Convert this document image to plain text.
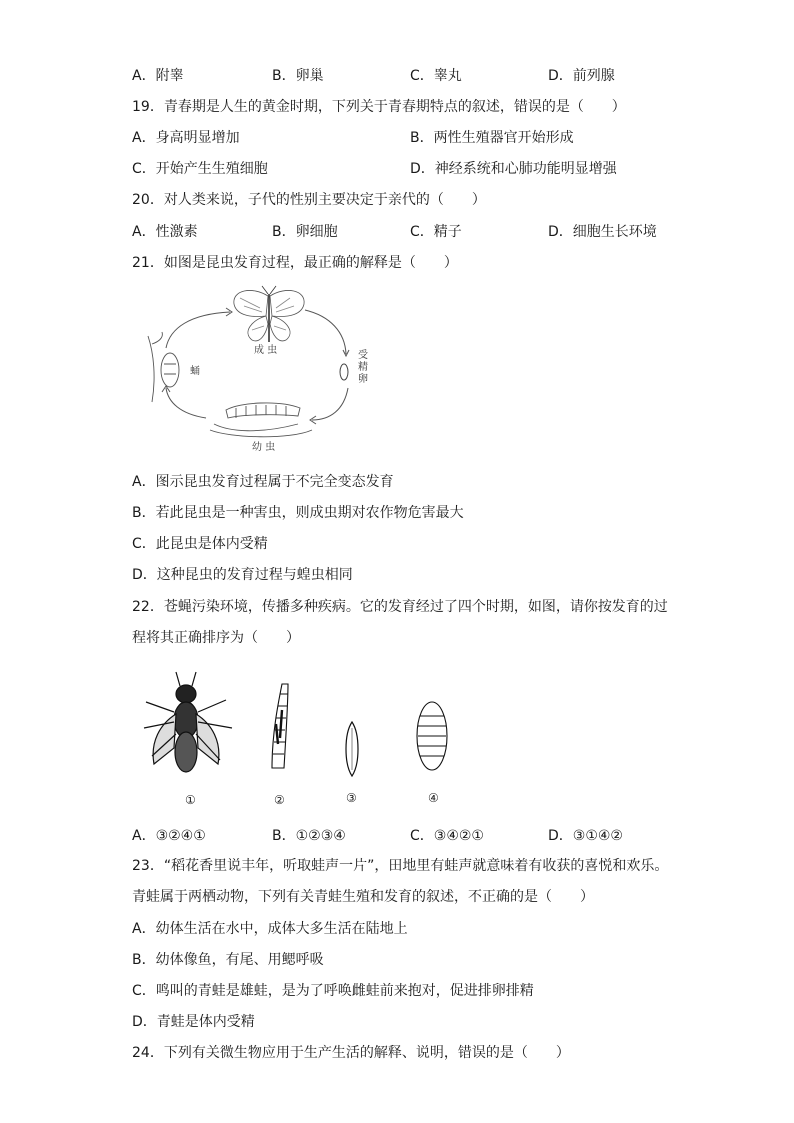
A．附睾	B．卵巢	C．睾丸	D．前列腺
19．青春期是人生的黄金时期，下列关于青春期特点的叙述，错误的是（　　）
A．身高明显增加	B．两性生殖器官开始形成
C．开始产生生殖细胞	D．神经系统和心肺功能明显增强
20．对人类来说，子代的性别主要决定于亲代的（　　）
A．性激素	B．卵细胞	C．精子	D．细胞生长环境
21．如图是昆虫发育过程，最正确的解释是（　　）
成 虫
蛹
受精卵
幼 虫
A．图示昆虫发育过程属于不完全变态发育
B．若此昆虫是一种害虫，则成虫期对农作物危害最大
C．此昆虫是体内受精
D．这种昆虫的发育过程与蝗虫相同
22．苍蝇污染环境，传播多种疾病。它的发育经过了四个时期，如图，请你按发育的过
程将其正确排序为（　　）
①	②	③	④
A．③②④①	B．①②③④	C．③④②①	D．③①④②
23．“稻花香里说丰年，听取蛙声一片”，田地里有蛙声就意味着有收获的喜悦和欢乐。
青蛙属于两栖动物，下列有关青蛙生殖和发育的叙述，不正确的是（　　）
A．幼体生活在水中，成体大多生活在陆地上
B．幼体像鱼，有尾、用鳃呼吸
C．鸣叫的青蛙是雄蛙，是为了呼唤雌蛙前来抱对，促进排卵排精
D．青蛙是体内受精
24．下列有关微生物应用于生产生活的解释、说明，错误的是（　　）
